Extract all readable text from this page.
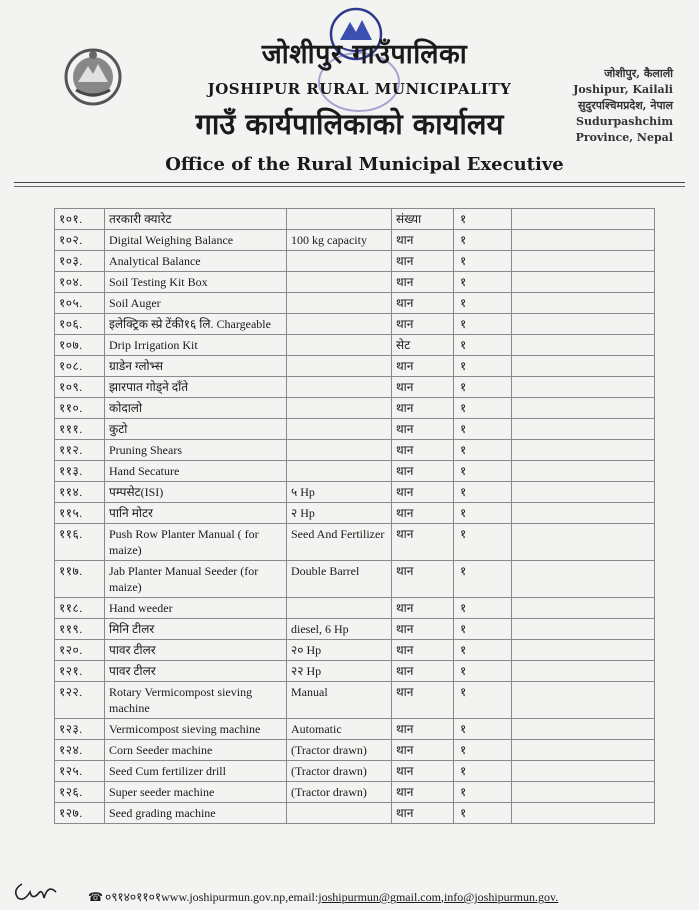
जोशीपुर गाउँपालिका
JOSHIPUR RURAL MUNICIPALITY
गाउँ कार्यपालिकाको कार्यालय
Office of the Rural Municipal Executive
जोशीपुर, कैलाली
Joshipur, Kailali
सुदुरपश्चिमप्रदेश, नेपाल
Sudurpashchim
Province, Nepal
१०१.	तरकारी क्यारेट		संख्या	१	
१०२.	Digital Weighing Balance	100 kg capacity	थान	१	
१०३.	Analytical Balance		थान	१	
१०४.	Soil Testing Kit Box		थान	१	
१०५.	Soil Auger		थान	१	
१०६.	इलेक्ट्रिक स्प्रे टेंकी१६ लि. Chargeable		थान	१	
१०७.	Drip Irrigation Kit		सेट	१	
१०८.	ग्राडेन ग्लोभ्स		थान	१	
१०९.	झारपात गोड्ने दाँते		थान	१	
११०.	कोदालो		थान	१	
१११.	कुटो		थान	१	
११२.	Pruning Shears		थान	१	
११३.	Hand Secature		थान	१	
११४.	पम्पसेट(ISI)	५ Hp	थान	१	
११५.	पानि मोटर	२ Hp	थान	१	
११६.	Push Row Planter Manual ( for maize)	Seed And Fertilizer	थान	१	
११७.	Jab Planter Manual Seeder (for maize)	Double Barrel	थान	१	
११८.	Hand weeder		थान	१	
११९.	मिनि टीलर	diesel, 6 Hp	थान	१	
१२०.	पावर टीलर	२० Hp	थान	१	
१२१.	पावर टीलर	२२ Hp	थान	१	
१२२.	Rotary Vermicompost sieving machine	Manual	थान	१	
१२३.	Vermicompost sieving machine	Automatic	थान	१	
१२४.	Corn Seeder machine	(Tractor drawn)	थान	१	
१२५.	Seed Cum fertilizer drill	(Tractor drawn)	थान	१	
१२६.	Super seeder machine	(Tractor drawn)	थान	१	
१२७.	Seed grading machine		थान	१	
☎ ०९१४०११०१www.joshipurmun.gov.np,email:joshipurmun@gmail.com,info@joshipurmun.gov.
